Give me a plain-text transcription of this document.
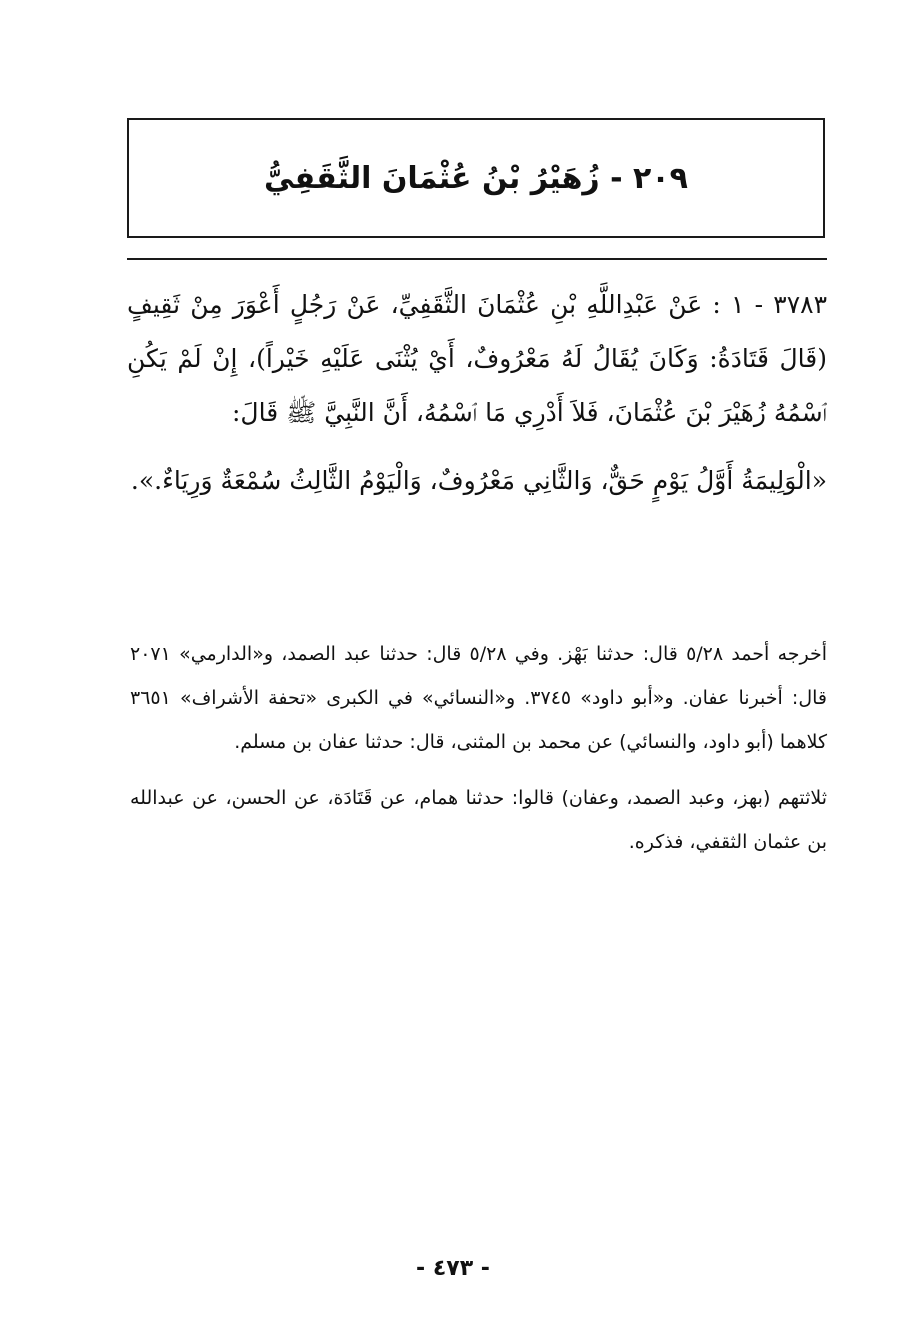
٢٠٩ - زُهَيْرُ بْنُ عُثْمَانَ الثَّقَفِيُّ

٣٧٨٣ - ١ : عَنْ عَبْدِاللَّهِ بْنِ عُثْمَانَ الثَّقَفِيِّ، عَنْ رَجُلٍ أَعْوَرَ مِنْ ثَقِيفٍ (قَالَ قَتَادَةُ: وَكَانَ يُقَالُ لَهُ مَعْرُوفٌ، أَيْ يُثْنَى عَلَيْهِ خَيْراً)، إِنْ لَمْ يَكُنِ ٱسْمُهُ زُهَيْرَ بْنَ عُثْمَانَ، فَلاَ أَدْرِي مَا ٱسْمُهُ، أَنَّ النَّبِيَّ ﷺ قَالَ:

«الْوَلِيمَةُ أَوَّلُ يَوْمٍ حَقٌّ، وَالثَّانِي مَعْرُوفٌ، وَالْيَوْمُ الثَّالِثُ سُمْعَةٌ وَرِيَاءٌ.».

أخرجه أحمد ٥/٢٨ قال: حدثنا بَهْز. وفي ٥/٢٨ قال: حدثنا عبد الصمد، و«الدارمي» ٢٠٧١ قال: أخبرنا عفان. و«أبو داود» ٣٧٤٥. و«النسائي» في الكبرى «تحفة الأشراف» ٣٦٥١ كلاهما (أبو داود، والنسائي) عن محمد بن المثنى، قال: حدثنا عفان بن مسلم.

ثلاثتهم (بهز، وعبد الصمد، وعفان) قالوا: حدثنا همام، عن قَتَادَة، عن الحسن، عن عبدالله بن عثمان الثقفي، فذكره.

- ٤٧٣ -
